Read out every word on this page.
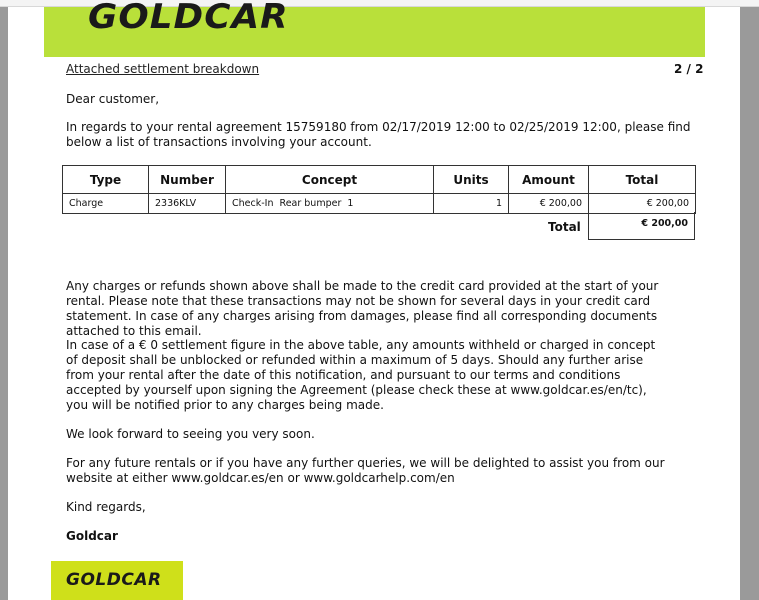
GOLDCAR
Attached settlement breakdown	2 / 2

Dear customer,

In regards to your rental agreement 15759180 from 02/17/2019 12:00 to 02/25/2019 12:00, please find below a list of transactions involving your account.

Type	Number	Concept	Units	Amount	Total
Charge	2336KLV	Check-In  Rear bumper  1	1	€ 200,00	€ 200,00
Total	€ 200,00

Any charges or refunds shown above shall be made to the credit card provided at the start of your rental. Please note that these transactions may not be shown for several days in your credit card statement. In case of any charges arising from damages, please find all corresponding documents attached to this email.

In case of a € 0 settlement figure in the above table, any amounts withheld or charged in concept of deposit shall be unblocked or refunded within a maximum of 5 days. Should any further arise from your rental after the date of this notification, and pursuant to our terms and conditions accepted by yourself upon signing the Agreement (please check these at www.goldcar.es/en/tc), you will be notified prior to any charges being made.

We look forward to seeing you very soon.

For any future rentals or if you have any further queries, we will be delighted to assist you from our website at either www.goldcar.es/en or www.goldcarhelp.com/en

Kind regards,

Goldcar

GOLDCAR
